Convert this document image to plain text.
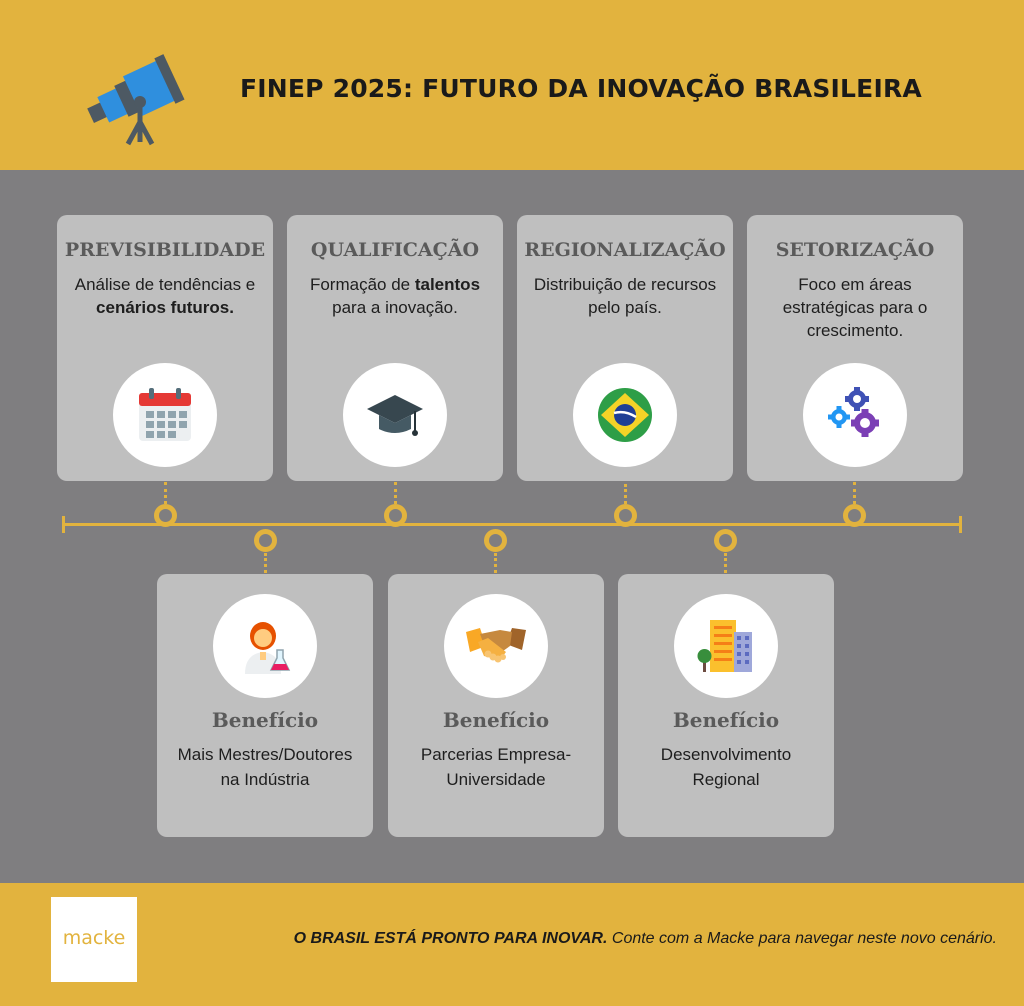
FINEP 2025: FUTURO DA INOVAÇÃO BRASILEIRA
PREVISIBILIDADE
Análise de tendências e cenários futuros.
QUALIFICAÇÃO
Formação de talentos para a inovação.
REGIONALIZAÇÃO
Distribuição de recursos pelo país.
SETORIZAÇÃO
Foco em áreas estratégicas para o crescimento.
Benefício
Mais Mestres/Doutores na Indústria
Benefício
Parcerias Empresa-Universidade
Benefício
Desenvolvimento Regional
macke	O BRASIL ESTÁ PRONTO PARA INOVAR. Conte com a Macke para navegar neste novo cenário.
